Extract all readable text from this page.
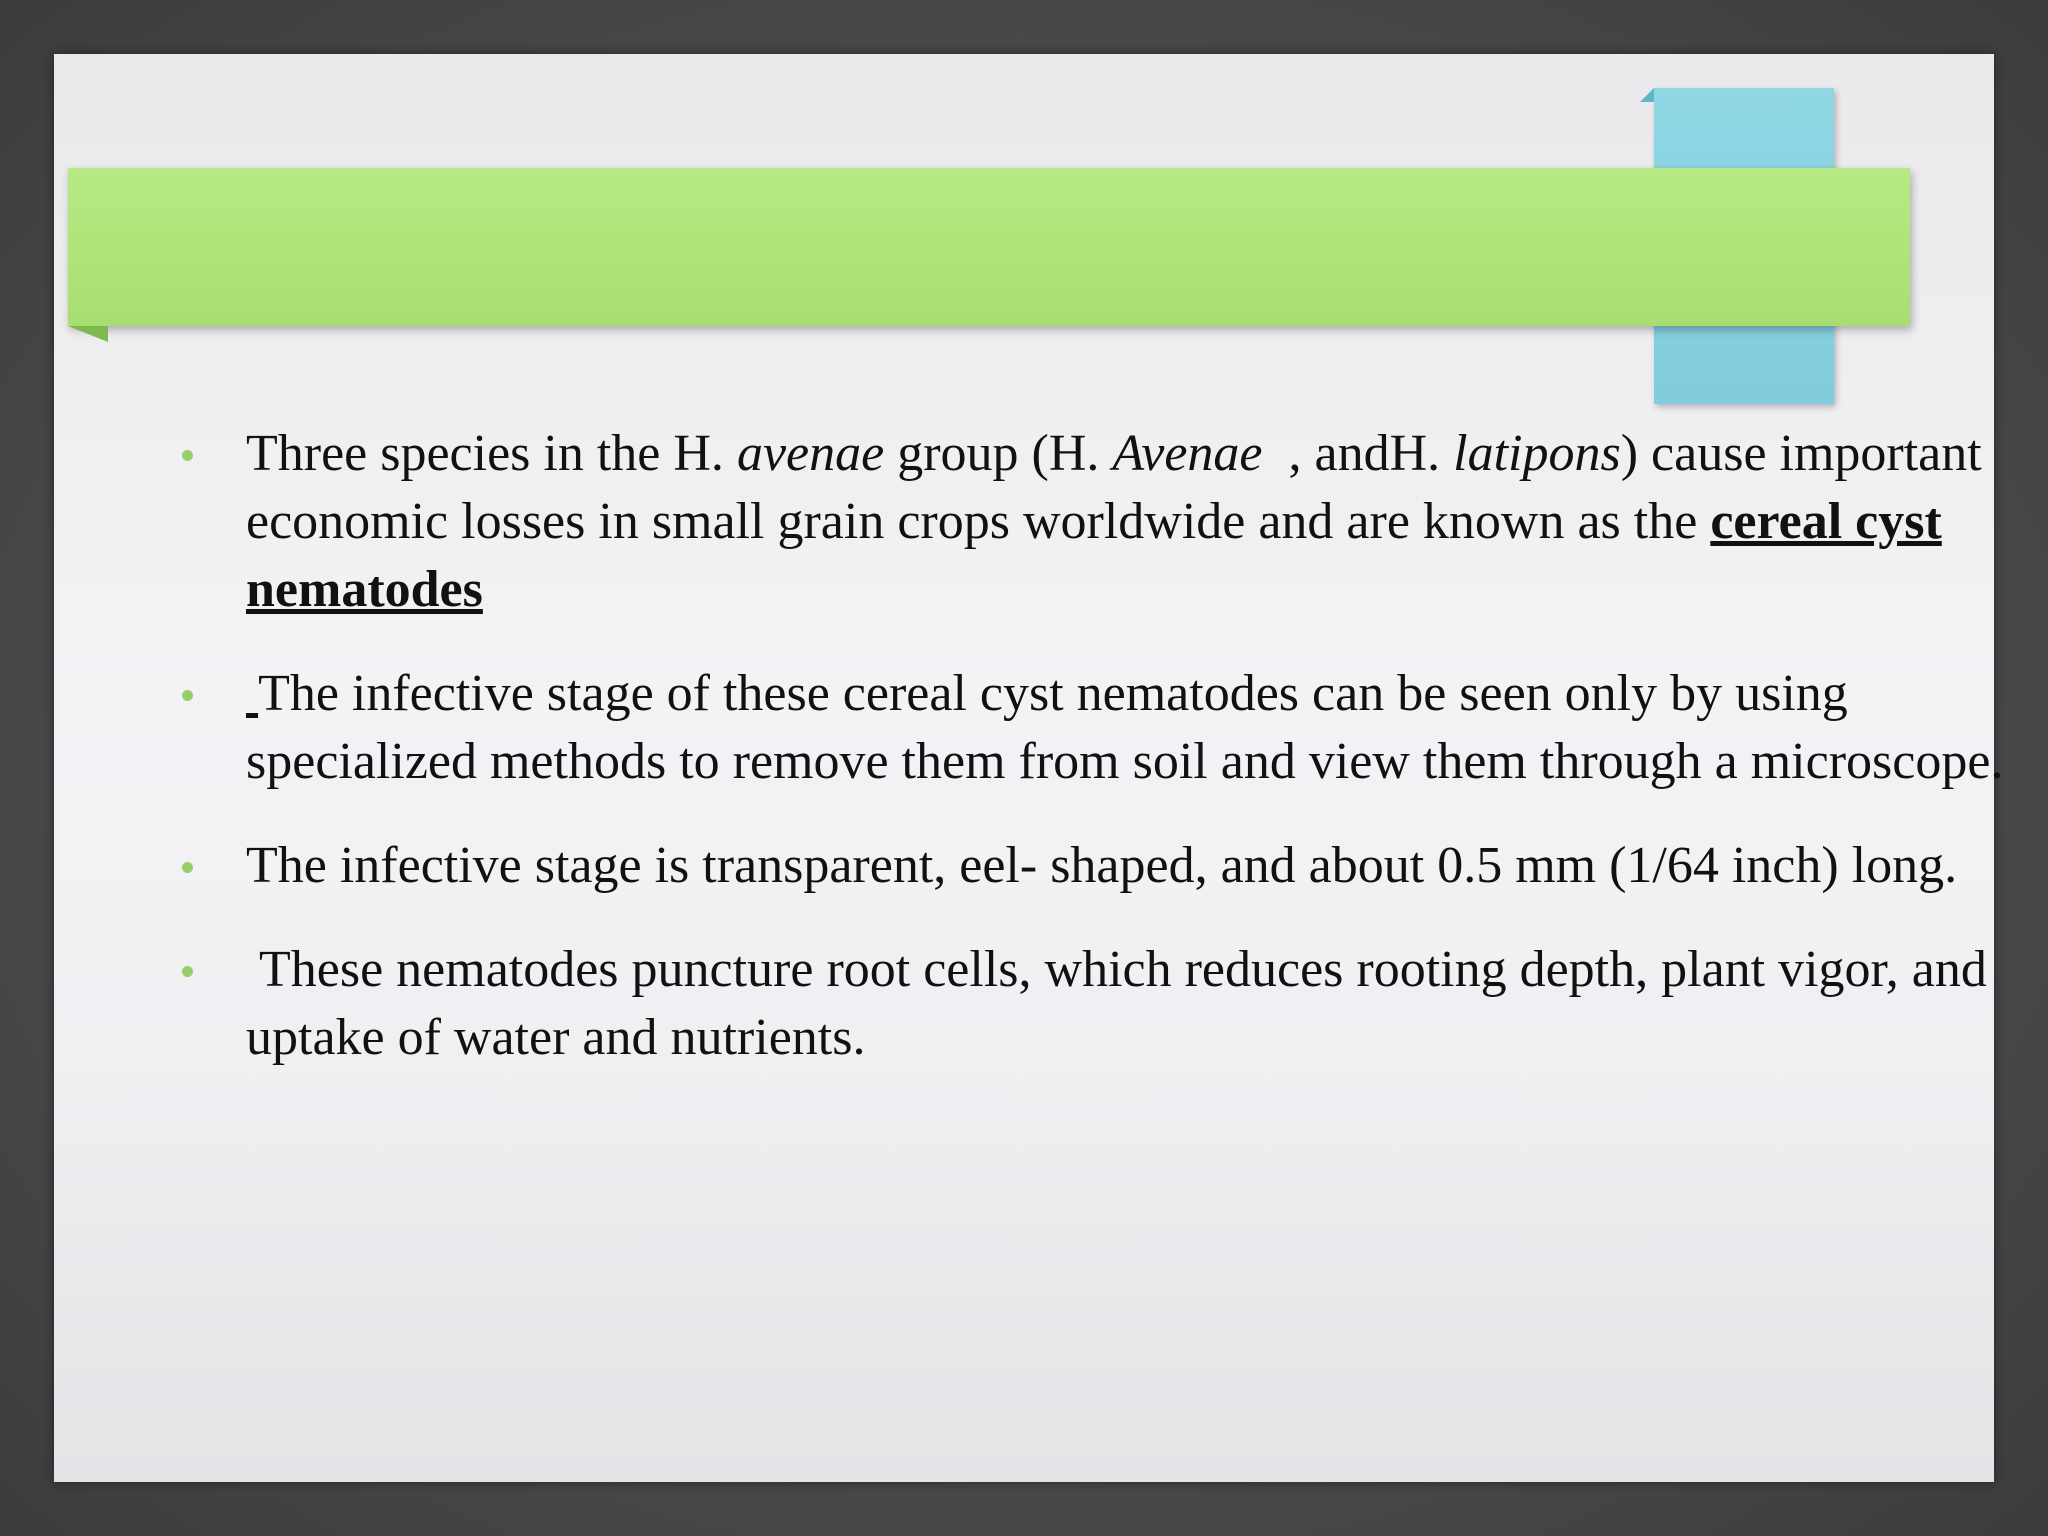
Three species in the H. avenae group (H. Avenae  , andH. latipons) cause important economic losses in small grain crops worldwide and are known as the cereal cyst nematodes
The infective stage of these cereal cyst nematodes can be seen only by using specialized methods to remove them from soil and view them through a microscope.
The infective stage is transparent, eel- shaped, and about 0.5 mm (1/64 inch) long.
These nematodes puncture root cells, which reduces rooting depth, plant vigor, and uptake of water and nutrients.
